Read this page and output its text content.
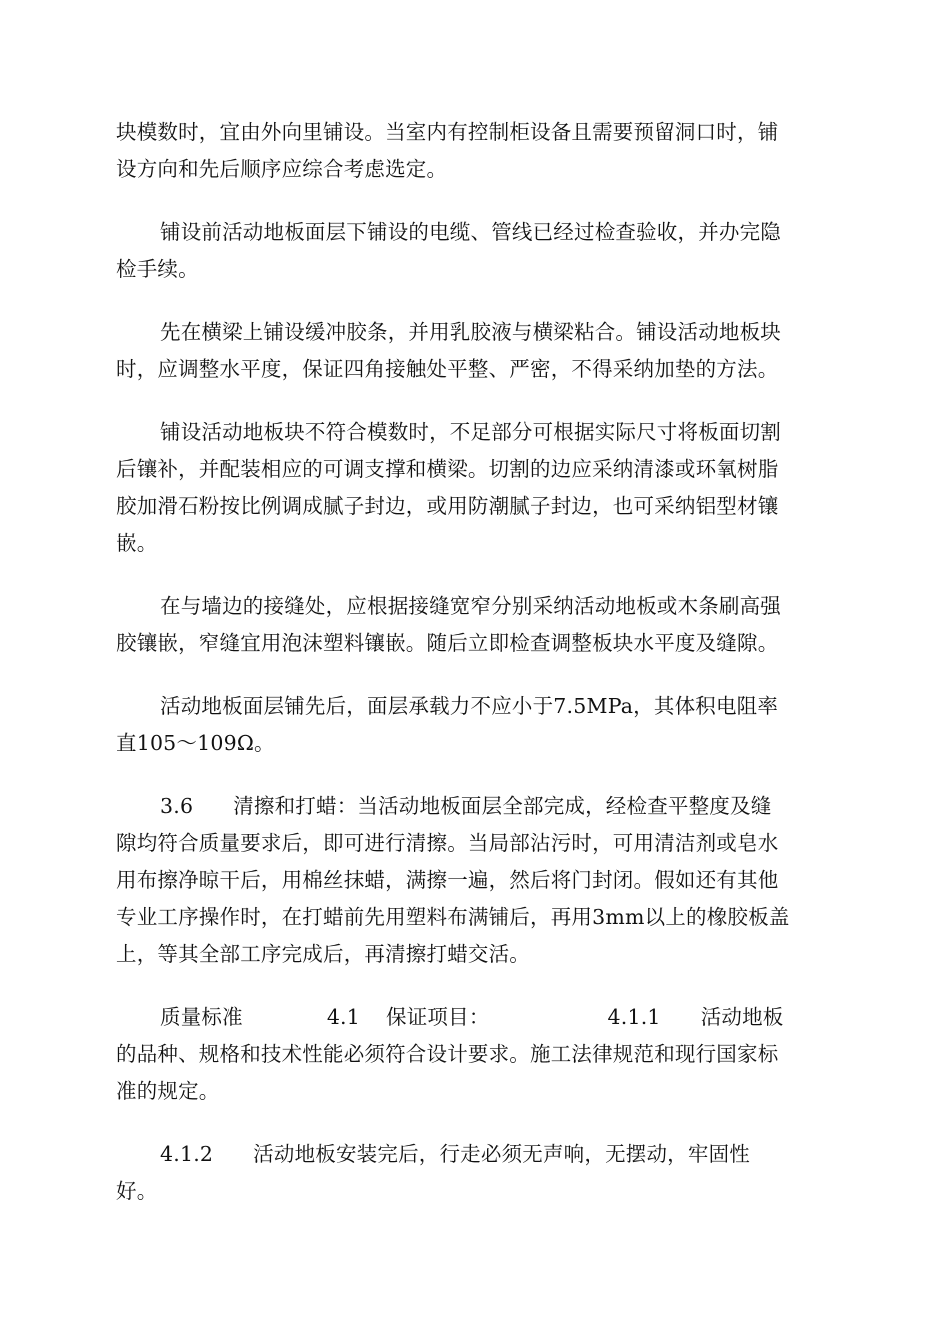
块模数时，宜由外向里铺设。当室内有控制柜设备且需要预留洞口时，铺
设方向和先后顺序应综合考虑选定。

铺设前活动地板面层下铺设的电缆、管线已经过检查验收，并办完隐
检手续。

先在横梁上铺设缓冲胶条，并用乳胶液与横梁粘合。铺设活动地板块
时，应调整水平度，保证四角接触处平整、严密，不得采纳加垫的方法。

铺设活动地板块不符合模数时，不足部分可根据实际尺寸将板面切割
后镶补，并配装相应的可调支撑和横梁。切割的边应采纳清漆或环氧树脂
胶加滑石粉按比例调成腻子封边，或用防潮腻子封边，也可采纳铝型材镶
嵌。

在与墙边的接缝处，应根据接缝宽窄分别采纳活动地板或木条刷高强
胶镶嵌，窄缝宜用泡沫塑料镶嵌。随后立即检查调整板块水平度及缝隙。

活动地板面层铺先后，面层承载力不应小于7.5MPa，其体积电阻率
直105～109Ω。

3.6 清擦和打蜡：当活动地板面层全部完成，经检查平整度及缝
隙均符合质量要求后，即可进行清擦。当局部沾污时，可用清洁剂或皂水
用布擦净晾干后，用棉丝抹蜡，满擦一遍，然后将门封闭。假如还有其他
专业工序操作时，在打蜡前先用塑料布满铺后，再用3mm以上的橡胶板盖
上，等其全部工序完成后，再清擦打蜡交活。

质量标准	4.1 保证项目：	4.1.1 活动地板
的品种、规格和技术性能必须符合设计要求。施工法律规范和现行国家标
准的规定。

4.1.2 活动地板安装完后，行走必须无声响，无摆动，牢固性
好。
